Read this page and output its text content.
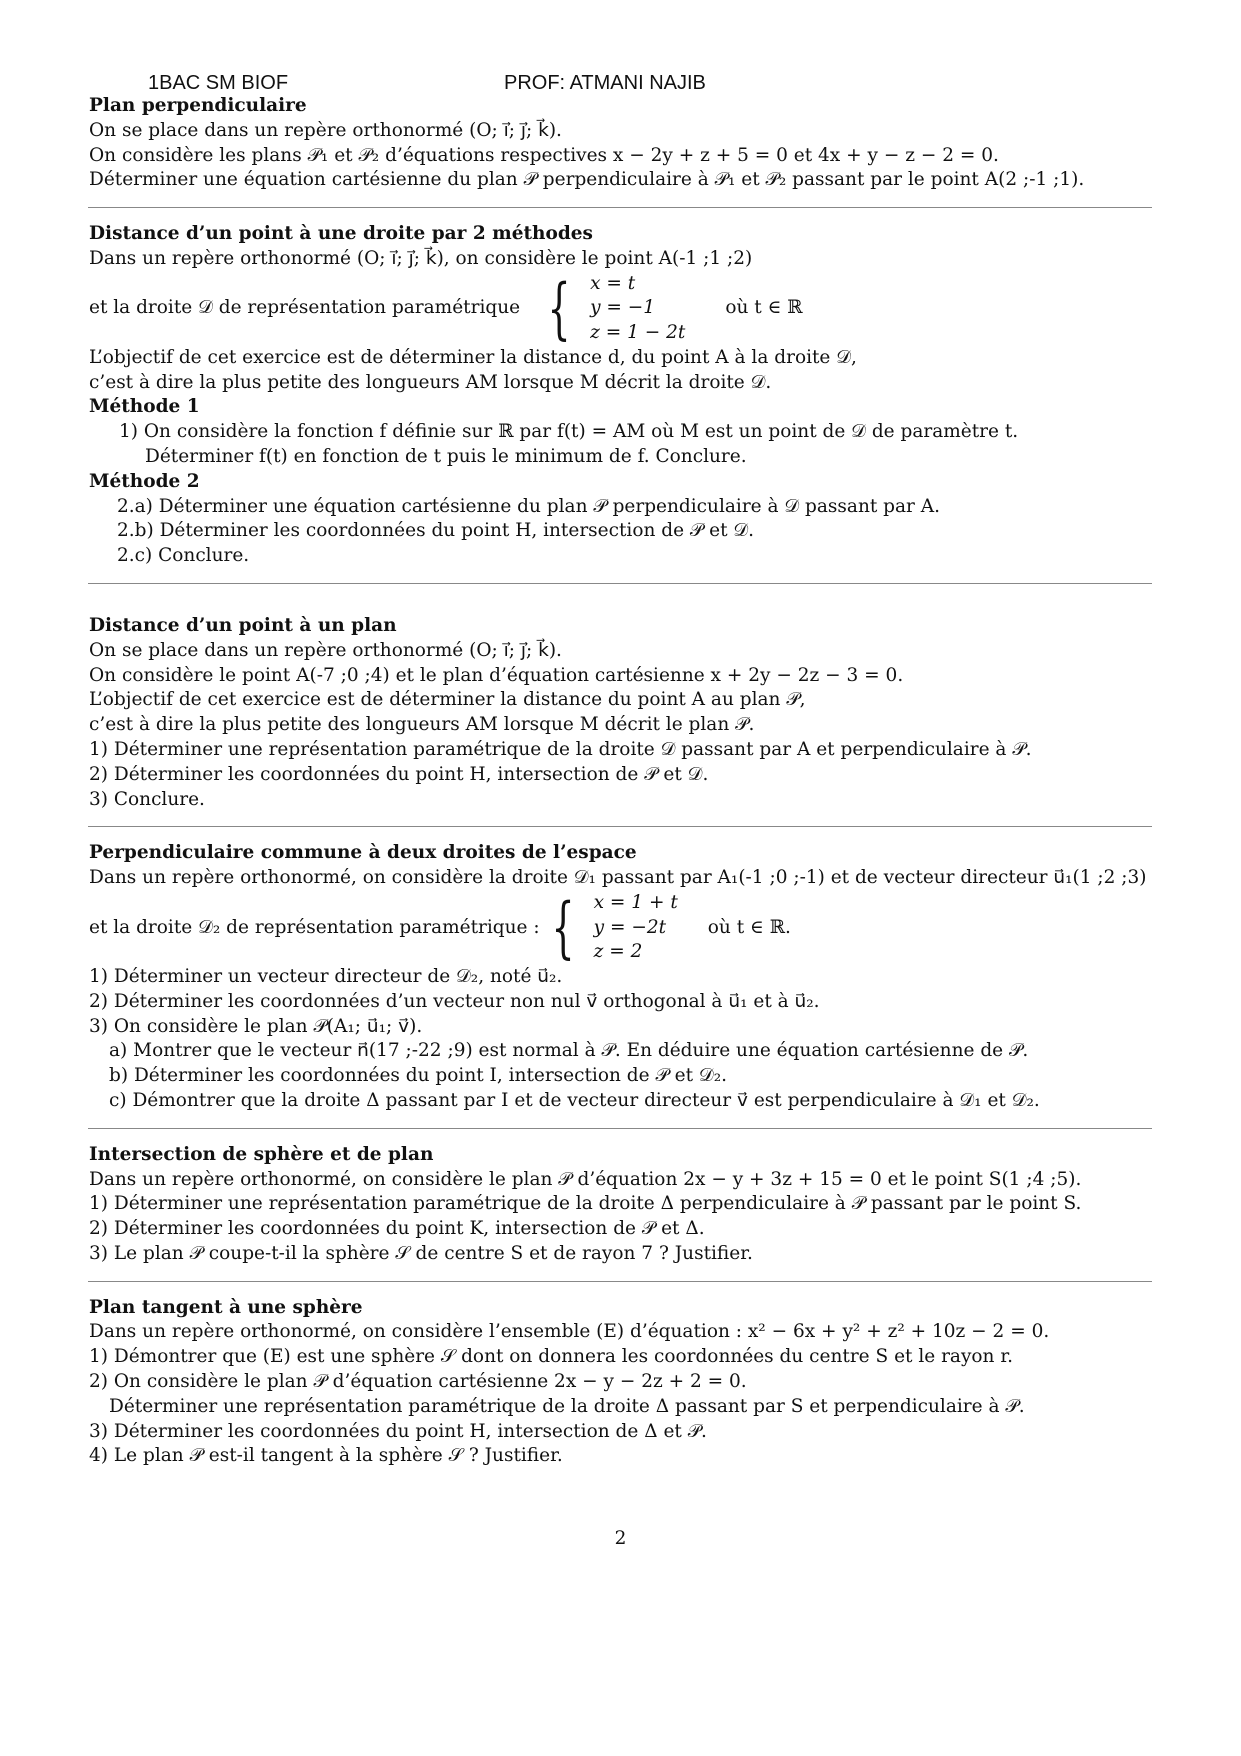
1BAC SM BIOF	PROF: ATMANI NAJIB
Plan perpendiculaire
On se place dans un repère orthonormé (O; i⃗; j⃗; k⃗).
On considère les plans 𝒫₁ et 𝒫₂ d’équations respectives x − 2y + z + 5 = 0 et 4x + y − z − 2 = 0.
Déterminer une équation cartésienne du plan 𝒫 perpendiculaire à 𝒫₁ et 𝒫₂ passant par le point A(2 ;-1 ;1).
Distance d’un point à une droite par 2 méthodes
Dans un repère orthonormé (O; i⃗; j⃗; k⃗), on considère le point A(-1 ;1 ;2)
et la droite 𝒟 de représentation paramétrique { x = t
y = −1
z = 1 − 2t
où t ∈ ℝ
L’objectif de cet exercice est de déterminer la distance d, du point A à la droite 𝒟,
c’est à dire la plus petite des longueurs AM lorsque M décrit la droite 𝒟.
Méthode 1
1) On considère la fonction f définie sur ℝ par f(t) = AM où M est un point de 𝒟 de paramètre t.
Déterminer f(t) en fonction de t puis le minimum de f. Conclure.
Méthode 2
2.a) Déterminer une équation cartésienne du plan 𝒫 perpendiculaire à 𝒟 passant par A.
2.b) Déterminer les coordonnées du point H, intersection de 𝒫 et 𝒟.
2.c) Conclure.
Distance d’un point à un plan
On se place dans un repère orthonormé (O; i⃗; j⃗; k⃗).
On considère le point A(-7 ;0 ;4) et le plan d’équation cartésienne x + 2y − 2z − 3 = 0.
L’objectif de cet exercice est de déterminer la distance du point A au plan 𝒫,
c’est à dire la plus petite des longueurs AM lorsque M décrit le plan 𝒫.
1) Déterminer une représentation paramétrique de la droite 𝒟 passant par A et perpendiculaire à 𝒫.
2) Déterminer les coordonnées du point H, intersection de 𝒫 et 𝒟.
3) Conclure.
Perpendiculaire commune à deux droites de l’espace
Dans un repère orthonormé, on considère la droite 𝒟₁ passant par A₁(-1 ;0 ;-1) et de vecteur directeur u⃗₁(1 ;2 ;3)
et la droite 𝒟₂ de représentation paramétrique : { x = 1 + t
y = −2t
z = 2
où t ∈ ℝ.
1) Déterminer un vecteur directeur de 𝒟₂, noté u⃗₂.
2) Déterminer les coordonnées d’un vecteur non nul v⃗ orthogonal à u⃗₁ et à u⃗₂.
3) On considère le plan 𝒫(A₁; u⃗₁; v⃗).
a) Montrer que le vecteur n⃗(17 ;-22 ;9) est normal à 𝒫. En déduire une équation cartésienne de 𝒫.
b) Déterminer les coordonnées du point I, intersection de 𝒫 et 𝒟₂.
c) Démontrer que la droite Δ passant par I et de vecteur directeur v⃗ est perpendiculaire à 𝒟₁ et 𝒟₂.
Intersection de sphère et de plan
Dans un repère orthonormé, on considère le plan 𝒫 d’équation 2x − y + 3z + 15 = 0 et le point S(1 ;4 ;5).
1) Déterminer une représentation paramétrique de la droite Δ perpendiculaire à 𝒫 passant par le point S.
2) Déterminer les coordonnées du point K, intersection de 𝒫 et Δ.
3) Le plan 𝒫 coupe-t-il la sphère 𝒮 de centre S et de rayon 7 ? Justifier.
Plan tangent à une sphère
Dans un repère orthonormé, on considère l’ensemble (E) d’équation : x² − 6x + y² + z² + 10z − 2 = 0.
1) Démontrer que (E) est une sphère 𝒮 dont on donnera les coordonnées du centre S et le rayon r.
2) On considère le plan 𝒫 d’équation cartésienne 2x − y − 2z + 2 = 0.
Déterminer une représentation paramétrique de la droite Δ passant par S et perpendiculaire à 𝒫.
3) Déterminer les coordonnées du point H, intersection de Δ et 𝒫.
4) Le plan 𝒫 est-il tangent à la sphère 𝒮 ? Justifier.
2
